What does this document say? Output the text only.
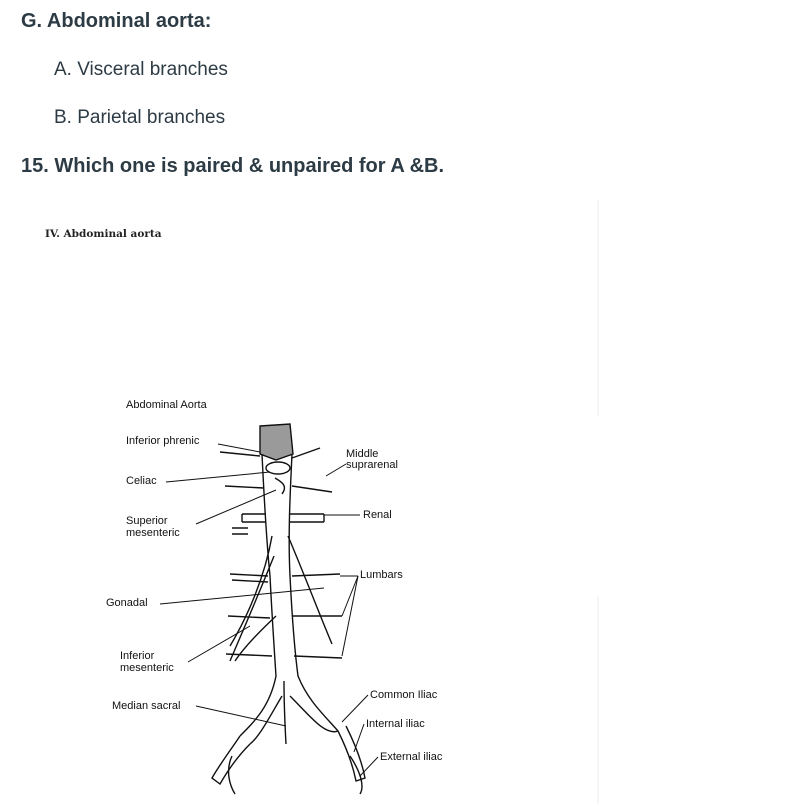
G. Abdominal aorta:

A. Visceral branches

B. Parietal branches

15. Which one is paired & unpaired for A &B.
IV. Abdominal aorta
Abdominal Aorta
Inferior phrenic
Celiac
Superior
mesenteric
Gonadal
Inferior
mesenteric
Median sacral
Middle
suprarenal
Renal
Lumbars
Common Iliac
Internal iliac
External iliac
